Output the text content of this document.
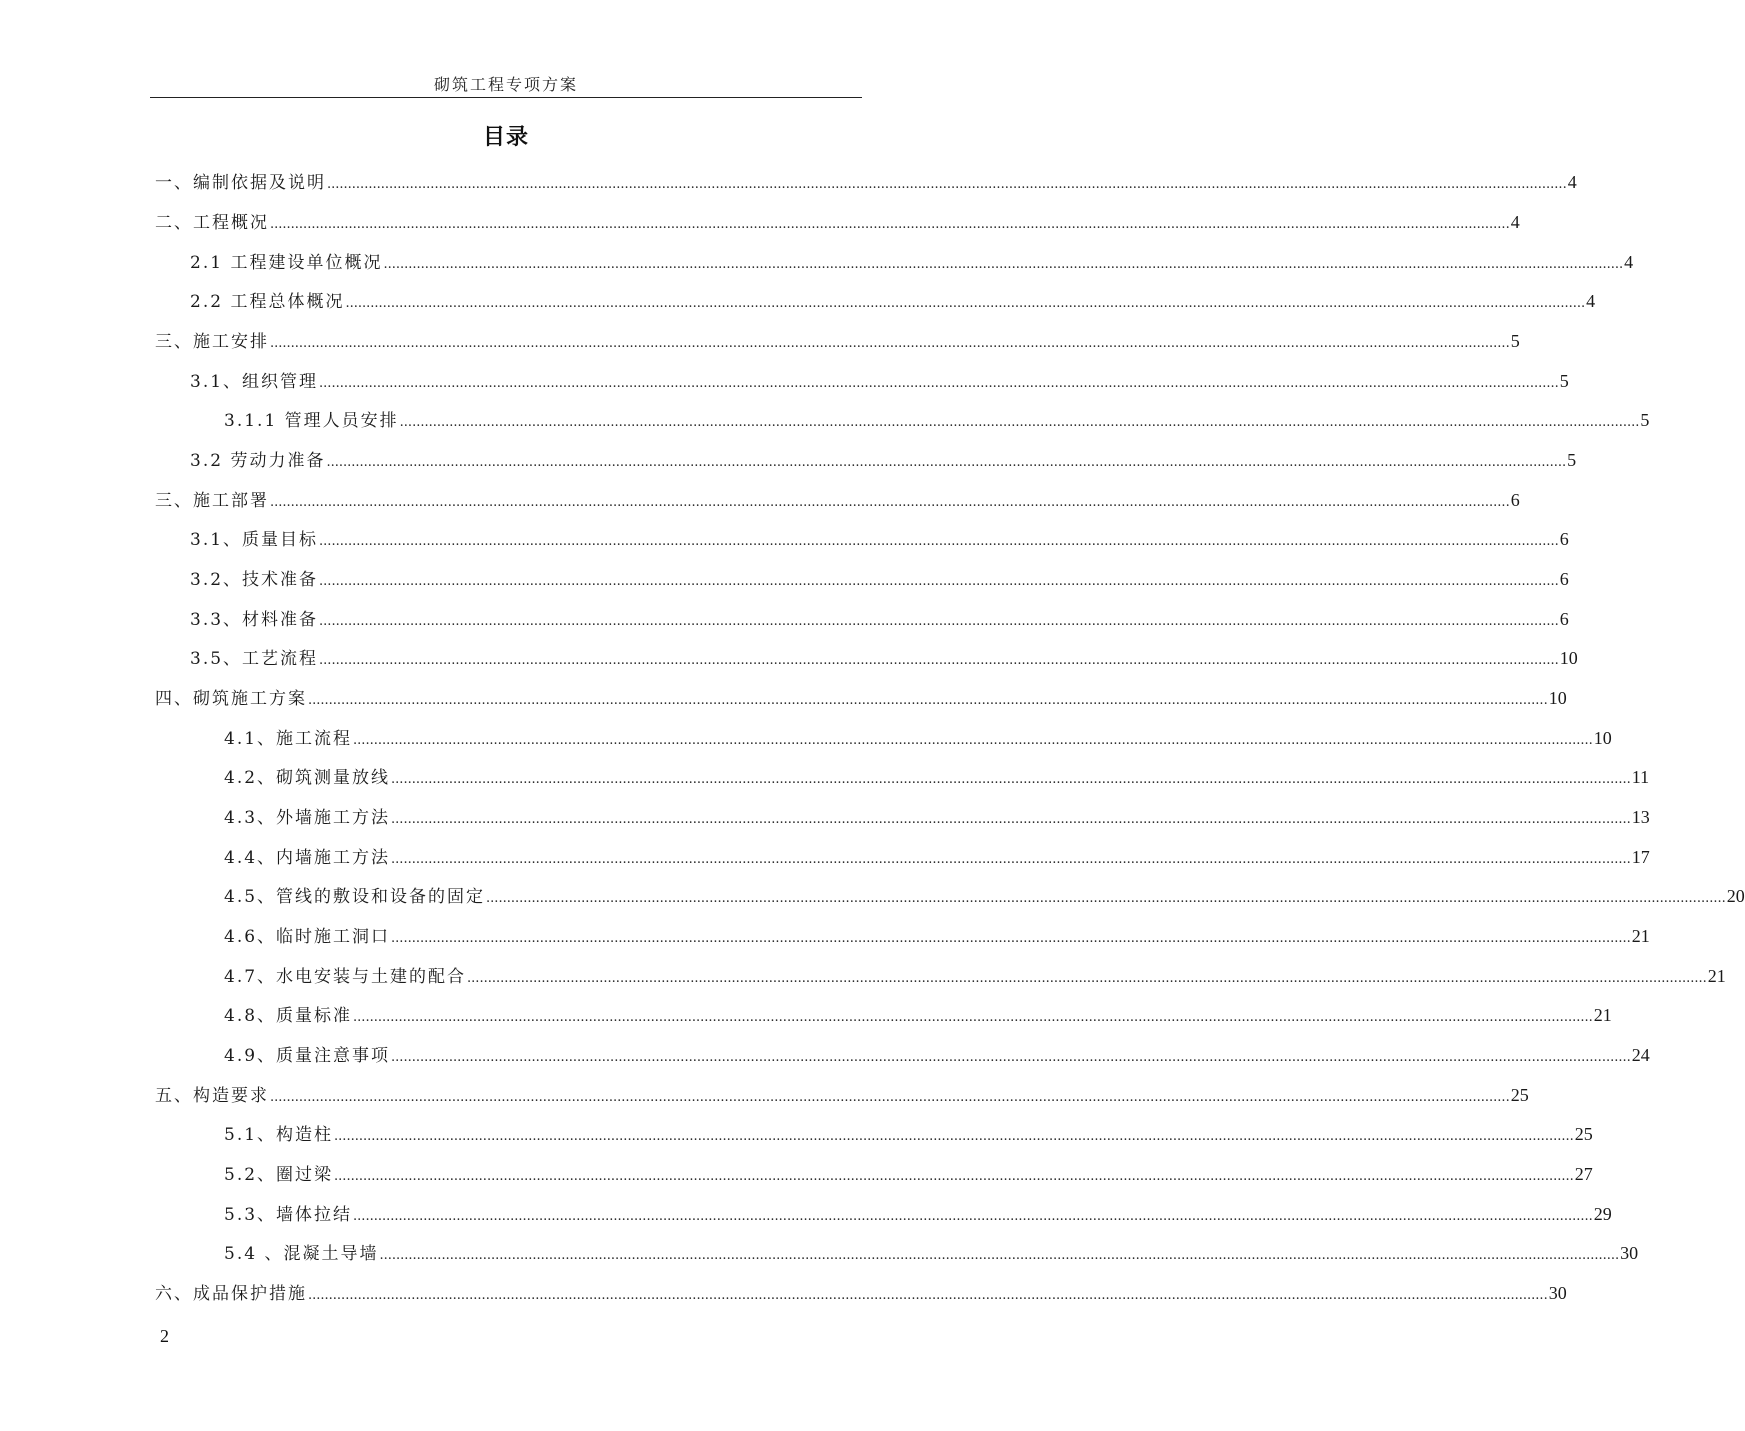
砌筑工程专项方案
目录
一、编制依据及说明 ............................................................................................................................................................................................................................................................................................................ 4
二、工程概况 ............................................................................................................................................................................................................................................................................................................ 4
2.1 工程建设单位概况 ............................................................................................................................................................................................................................................................................................................ 4
2.2 工程总体概况 ............................................................................................................................................................................................................................................................................................................ 4
三、施工安排 ............................................................................................................................................................................................................................................................................................................ 5
3.1、组织管理 ............................................................................................................................................................................................................................................................................................................ 5
3.1.1 管理人员安排 ............................................................................................................................................................................................................................................................................................................ 5
3.2 劳动力准备 ............................................................................................................................................................................................................................................................................................................ 5
三、施工部署 ............................................................................................................................................................................................................................................................................................................ 6
3.1、质量目标 ............................................................................................................................................................................................................................................................................................................ 6
3.2、技术准备 ............................................................................................................................................................................................................................................................................................................ 6
3.3、材料准备 ............................................................................................................................................................................................................................................................................................................ 6
3.5、工艺流程 ............................................................................................................................................................................................................................................................................................................ 10
四、砌筑施工方案 ............................................................................................................................................................................................................................................................................................................ 10
4.1、施工流程 ............................................................................................................................................................................................................................................................................................................ 10
4.2、砌筑测量放线 ............................................................................................................................................................................................................................................................................................................ 11
4.3、外墙施工方法 ............................................................................................................................................................................................................................................................................................................ 13
4.4、内墙施工方法 ............................................................................................................................................................................................................................................................................................................ 17
4.5、管线的敷设和设备的固定 ............................................................................................................................................................................................................................................................................................................ 20
4.6、临时施工洞口 ............................................................................................................................................................................................................................................................................................................ 21
4.7、水电安装与土建的配合 ............................................................................................................................................................................................................................................................................................................ 21
4.8、质量标准 ............................................................................................................................................................................................................................................................................................................ 21
4.9、质量注意事项 ............................................................................................................................................................................................................................................................................................................ 24
五、构造要求 ............................................................................................................................................................................................................................................................................................................ 25
5.1、构造柱 ............................................................................................................................................................................................................................................................................................................ 25
5.2、圈过梁 ............................................................................................................................................................................................................................................................................................................ 27
5.3、墙体拉结 ............................................................................................................................................................................................................................................................................................................ 29
5.4 、混凝土导墙 ............................................................................................................................................................................................................................................................................................................ 30
六、成品保护措施 ............................................................................................................................................................................................................................................................................................................ 30
2
